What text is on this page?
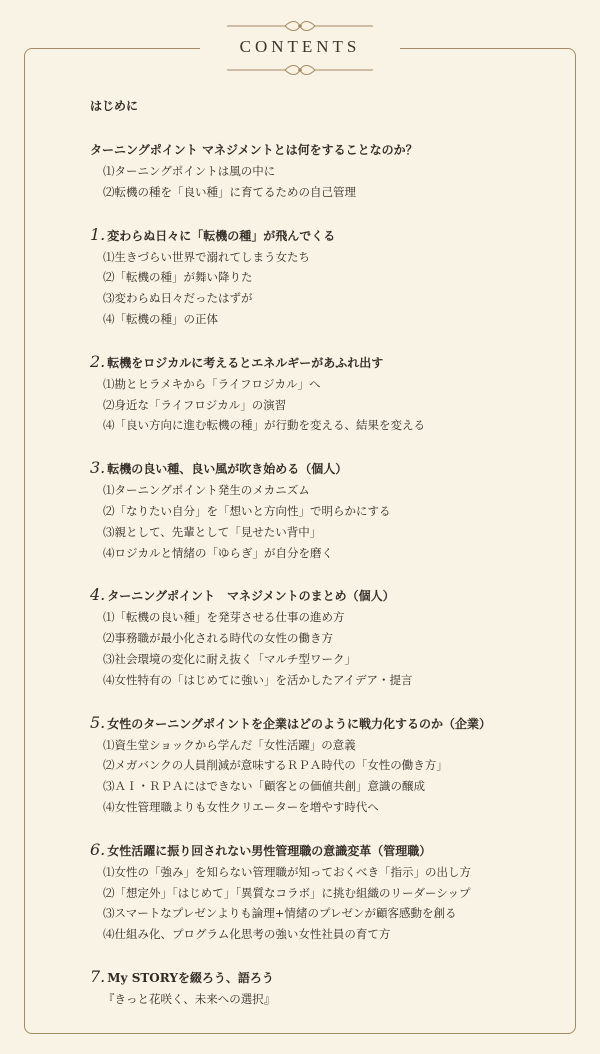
CONTENTS
はじめに
ターニングポイント マネジメントとは何をすることなのか？
⑴ターニングポイントは風の中に
⑵転機の種を「良い種」に育てるための自己管理
1. 変わらぬ日々に「転機の種」が飛んでくる
⑴生きづらい世界で溺れてしまう女たち
⑵「転機の種」が舞い降りた
⑶変わらぬ日々だったはずが
⑷「転機の種」の正体
2. 転機をロジカルに考えるとエネルギーがあふれ出す
⑴勘とヒラメキから「ライフロジカル」へ
⑵身近な「ライフロジカル」の演習
⑷「良い方向に進む転機の種」が行動を変える、結果を変える
3. 転機の良い種、良い風が吹き始める（個人）
⑴ターニングポイント発生のメカニズム
⑵「なりたい自分」を「想いと方向性」で明らかにする
⑶親として、先輩として「見せたい背中」
⑷ロジカルと情緒の「ゆらぎ」が自分を磨く
4. ターニングポイント　マネジメントのまとめ（個人）
⑴「転機の良い種」を発芽させる仕事の進め方
⑵事務職が最小化される時代の女性の働き方
⑶社会環境の変化に耐え抜く「マルチ型ワーク」
⑷女性特有の「はじめてに強い」を活かしたアイデア・提言
5. 女性のターニングポイントを企業はどのように戦力化するのか（企業）
⑴資生堂ショックから学んだ「女性活躍」の意義
⑵メガバンクの人員削減が意味するＲＰＡ時代の「女性の働き方」
⑶ＡＩ・ＲＰＡにはできない「顧客との価値共創」意識の醸成
⑷女性管理職よりも女性クリエーターを増やす時代へ
6. 女性活躍に振り回されない男性管理職の意識変革（管理職）
⑴女性の「強み」を知らない管理職が知っておくべき「指示」の出し方
⑵「想定外」「はじめて」「異質なコラボ」に挑む組織のリーダーシップ
⑶スマートなプレゼンよりも論理+情緒のプレゼンが顧客感動を創る
⑷仕組み化、プログラム化思考の強い女性社員の育て方
7. My STORYを綴ろう、語ろう
『きっと花咲く、未来への選択』
